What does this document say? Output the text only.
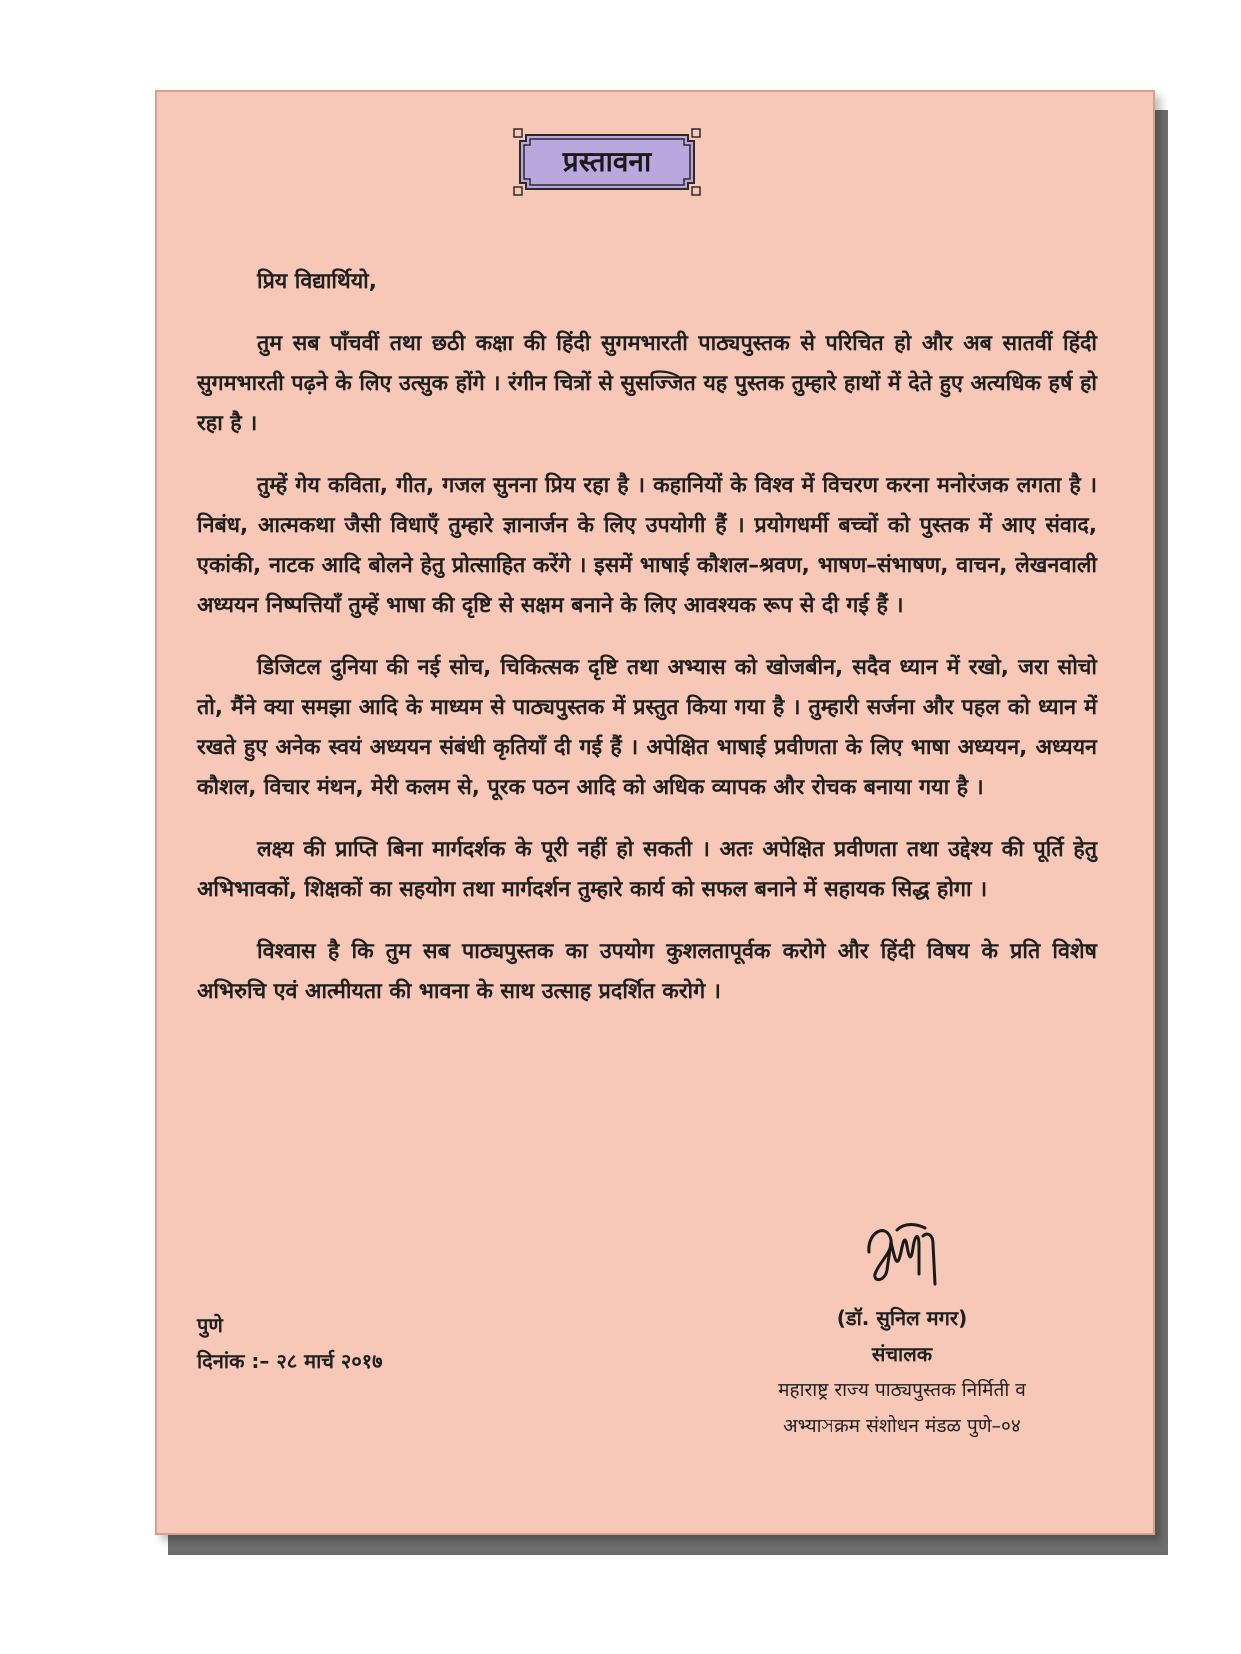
प्रस्तावना

प्रिय विद्यार्थियो,

तुम सब पाँचवीं तथा छठी कक्षा की हिंदी सुगमभारती पाठ्यपुस्तक से परिचित हो और अब सातवीं हिंदी सुगमभारती पढ़ने के लिए उत्सुक होंगे । रंगीन चित्रों से सुसज्जित यह पुस्तक तुम्हारे हाथों में देते हुए अत्यधिक हर्ष हो रहा है ।

तुम्हें गेय कविता, गीत, गजल सुनना प्रिय रहा है । कहानियों के विश्व में विचरण करना मनोरंजक लगता है । निबंध, आत्मकथा जैसी विधाएँ तुम्हारे ज्ञानार्जन के लिए उपयोगी हैं । प्रयोगधर्मी बच्चों को पुस्तक में आए संवाद, एकांकी, नाटक आदि बोलने हेतु प्रोत्साहित करेंगे । इसमें भाषाई कौशल–श्रवण, भाषण–संभाषण, वाचन, लेखनवाली अध्ययन निष्पत्तियाँ तुम्हें भाषा की दृष्टि से सक्षम बनाने के लिए आवश्यक रूप से दी गई हैं ।

डिजिटल दुनिया की नई सोच, चिकित्सक दृष्टि तथा अभ्यास को खोजबीन, सदैव ध्यान में रखो, जरा सोचो तो, मैंने क्या समझा आदि के माध्यम से पाठ्यपुस्तक में प्रस्तुत किया गया है । तुम्हारी सर्जना और पहल को ध्यान में रखते हुए अनेक स्वयं अध्ययन संबंधी कृतियाँ दी गई हैं । अपेक्षित भाषाई प्रवीणता के लिए भाषा अध्ययन, अध्ययन कौशल, विचार मंथन, मेरी कलम से, पूरक पठन आदि को अधिक व्यापक और रोचक बनाया गया है ।

लक्ष्य की प्राप्ति बिना मार्गदर्शक के पूरी नहीं हो सकती । अतः अपेक्षित प्रवीणता तथा उद्देश्य की पूर्ति हेतु अभिभावकों, शिक्षकों का सहयोग तथा मार्गदर्शन तुम्हारे कार्य को सफल बनाने में सहायक सिद्ध होगा ।

विश्वास है कि तुम सब पाठ्यपुस्तक का उपयोग कुशलतापूर्वक करोगे और हिंदी विषय के प्रति विशेष अभिरुचि एवं आत्मीयता की भावना के साथ उत्साह प्रदर्शित करोगे ।

पुणे
दिनांक :– २८ मार्च २०१७
(डॉ. सुनिल मगर)
संचालक
महाराष्ट्र राज्य पाठ्यपुस्तक निर्मिती व
अभ्याসक्रम संशोधन मंडळ पुणे–०४
